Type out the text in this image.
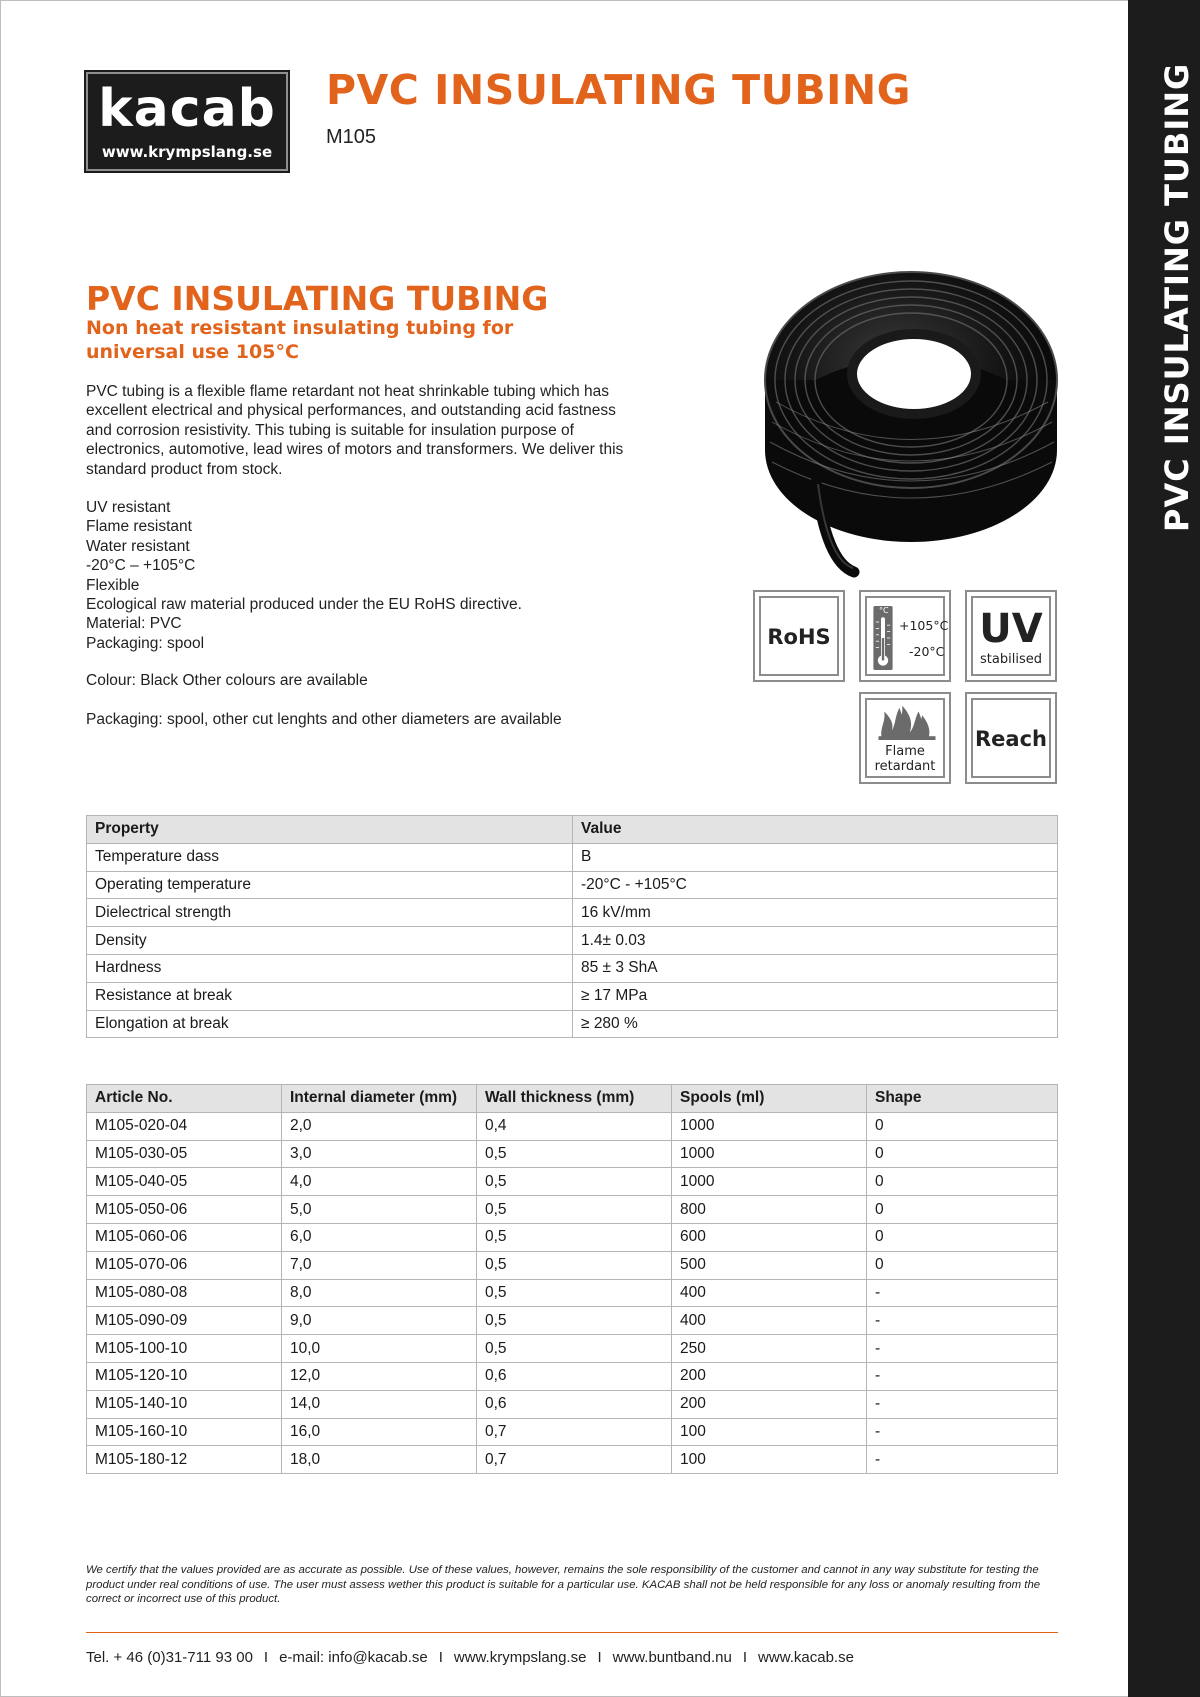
PVC INSULATING TUBING
kacab
www.krympslang.se
PVC INSULATING TUBING
M105
PVC INSULATING TUBING
Non heat resistant insulating tubing for universal use 105°C
PVC tubing is a flexible flame retardant not heat shrinkable tubing which has excellent electrical and physical performances, and outstanding acid fastness and corrosion resistivity. This tubing is suitable for insulation purpose of electronics, automotive, lead wires of motors and transformers. We deliver this standard product from stock.
UV resistant
Flame resistant
Water resistant
-20°C – +105°C
Flexible
Ecological raw material produced under the EU RoHS directive.
Material: PVC
Packaging: spool
Colour: Black Other colours are available
Packaging: spool, other cut lenghts and other diameters are available
RoHS
°C
+105°C
-20°C UV
stabilised
Flame
retardant
Reach
Property	Value
Temperature dass	B
Operating temperature	-20°C - +105°C
Dielectrical strength	16 kV/mm
Density	1.4± 0.03
Hardness	85 ± 3 ShA
Resistance at break	≥ 17 MPa
Elongation at break	≥ 280 %
Article No.	Internal diameter (mm)	Wall thickness (mm)	Spools (ml)	Shape
M105-020-04	2,0	0,4	1000	0
M105-030-05	3,0	0,5	1000	0
M105-040-05	4,0	0,5	1000	0
M105-050-06	5,0	0,5	800	0
M105-060-06	6,0	0,5	600	0
M105-070-06	7,0	0,5	500	0
M105-080-08	8,0	0,5	400	-
M105-090-09	9,0	0,5	400	-
M105-100-10	10,0	0,5	250	-
M105-120-10	12,0	0,6	200	-
M105-140-10	14,0	0,6	200	-
M105-160-10	16,0	0,7	100	-
M105-180-12	18,0	0,7	100	-
We certify that the values provided are as accurate as possible. Use of these values, however, remains the sole responsibility of the customer and cannot in any way substitute for testing the product under real conditions of use. The user must assess wether this product is suitable for a particular use. KACAB shall not be held responsible for any loss or anomaly resulting from the correct or incorrect use of this product.
Tel. + 46 (0)31-711 93 00 I e-mail: info@kacab.se I www.krympslang.se I www.buntband.nu I www.kacab.se
